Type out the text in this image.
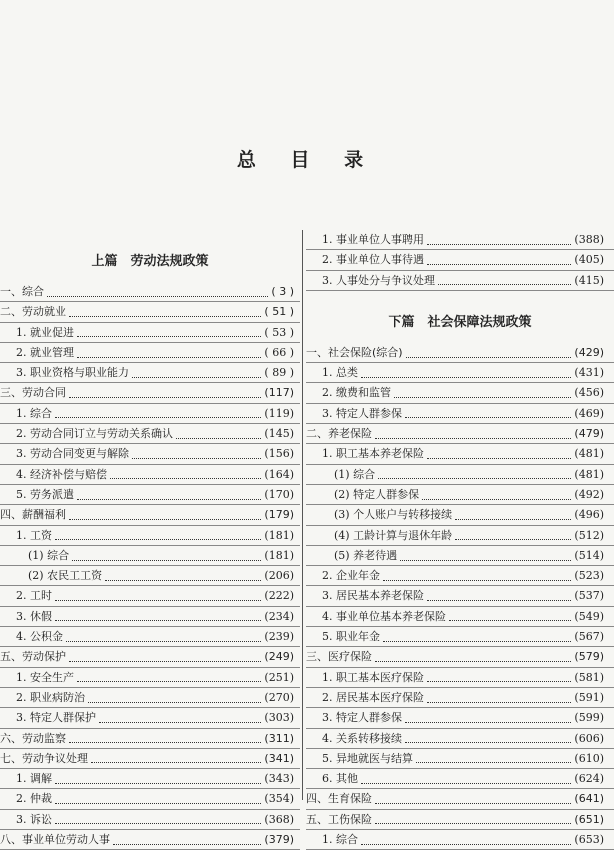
总 目 录
上篇　劳动法规政策
一、综合	( 3 )
二、劳动就业	( 51 )
1. 就业促进	( 53 )
2. 就业管理	( 66 )
3. 职业资格与职业能力	( 89 )
三、劳动合同	(117)
1. 综合	(119)
2. 劳动合同订立与劳动关系确认	(145)
3. 劳动合同变更与解除	(156)
4. 经济补偿与赔偿	(164)
5. 劳务派遣	(170)
四、薪酬福利	(179)
1. 工资	(181)
(1) 综合	(181)
(2) 农民工工资	(206)
2. 工时	(222)
3. 休假	(234)
4. 公积金	(239)
五、劳动保护	(249)
1. 安全生产	(251)
2. 职业病防治	(270)
3. 特定人群保护	(303)
六、劳动监察	(311)
七、劳动争议处理	(341)
1. 调解	(343)
2. 仲裁	(354)
3. 诉讼	(368)
八、事业单位劳动人事	(379)
1. 事业单位人事聘用	(388)
2. 事业单位人事待遇	(405)
3. 人事处分与争议处理	(415)
下篇　社会保障法规政策
一、社会保险(综合)	(429)
1. 总类	(431)
2. 缴费和监管	(456)
3. 特定人群参保	(469)
二、养老保险	(479)
1. 职工基本养老保险	(481)
(1) 综合	(481)
(2) 特定人群参保	(492)
(3) 个人账户与转移接续	(496)
(4) 工龄计算与退休年龄	(512)
(5) 养老待遇	(514)
2. 企业年金	(523)
3. 居民基本养老保险	(537)
4. 事业单位基本养老保险	(549)
5. 职业年金	(567)
三、医疗保险	(579)
1. 职工基本医疗保险	(581)
2. 居民基本医疗保险	(591)
3. 特定人群参保	(599)
4. 关系转移接续	(606)
5. 异地就医与结算	(610)
6. 其他	(624)
四、生育保险	(641)
五、工伤保险	(651)
1. 综合	(653)
